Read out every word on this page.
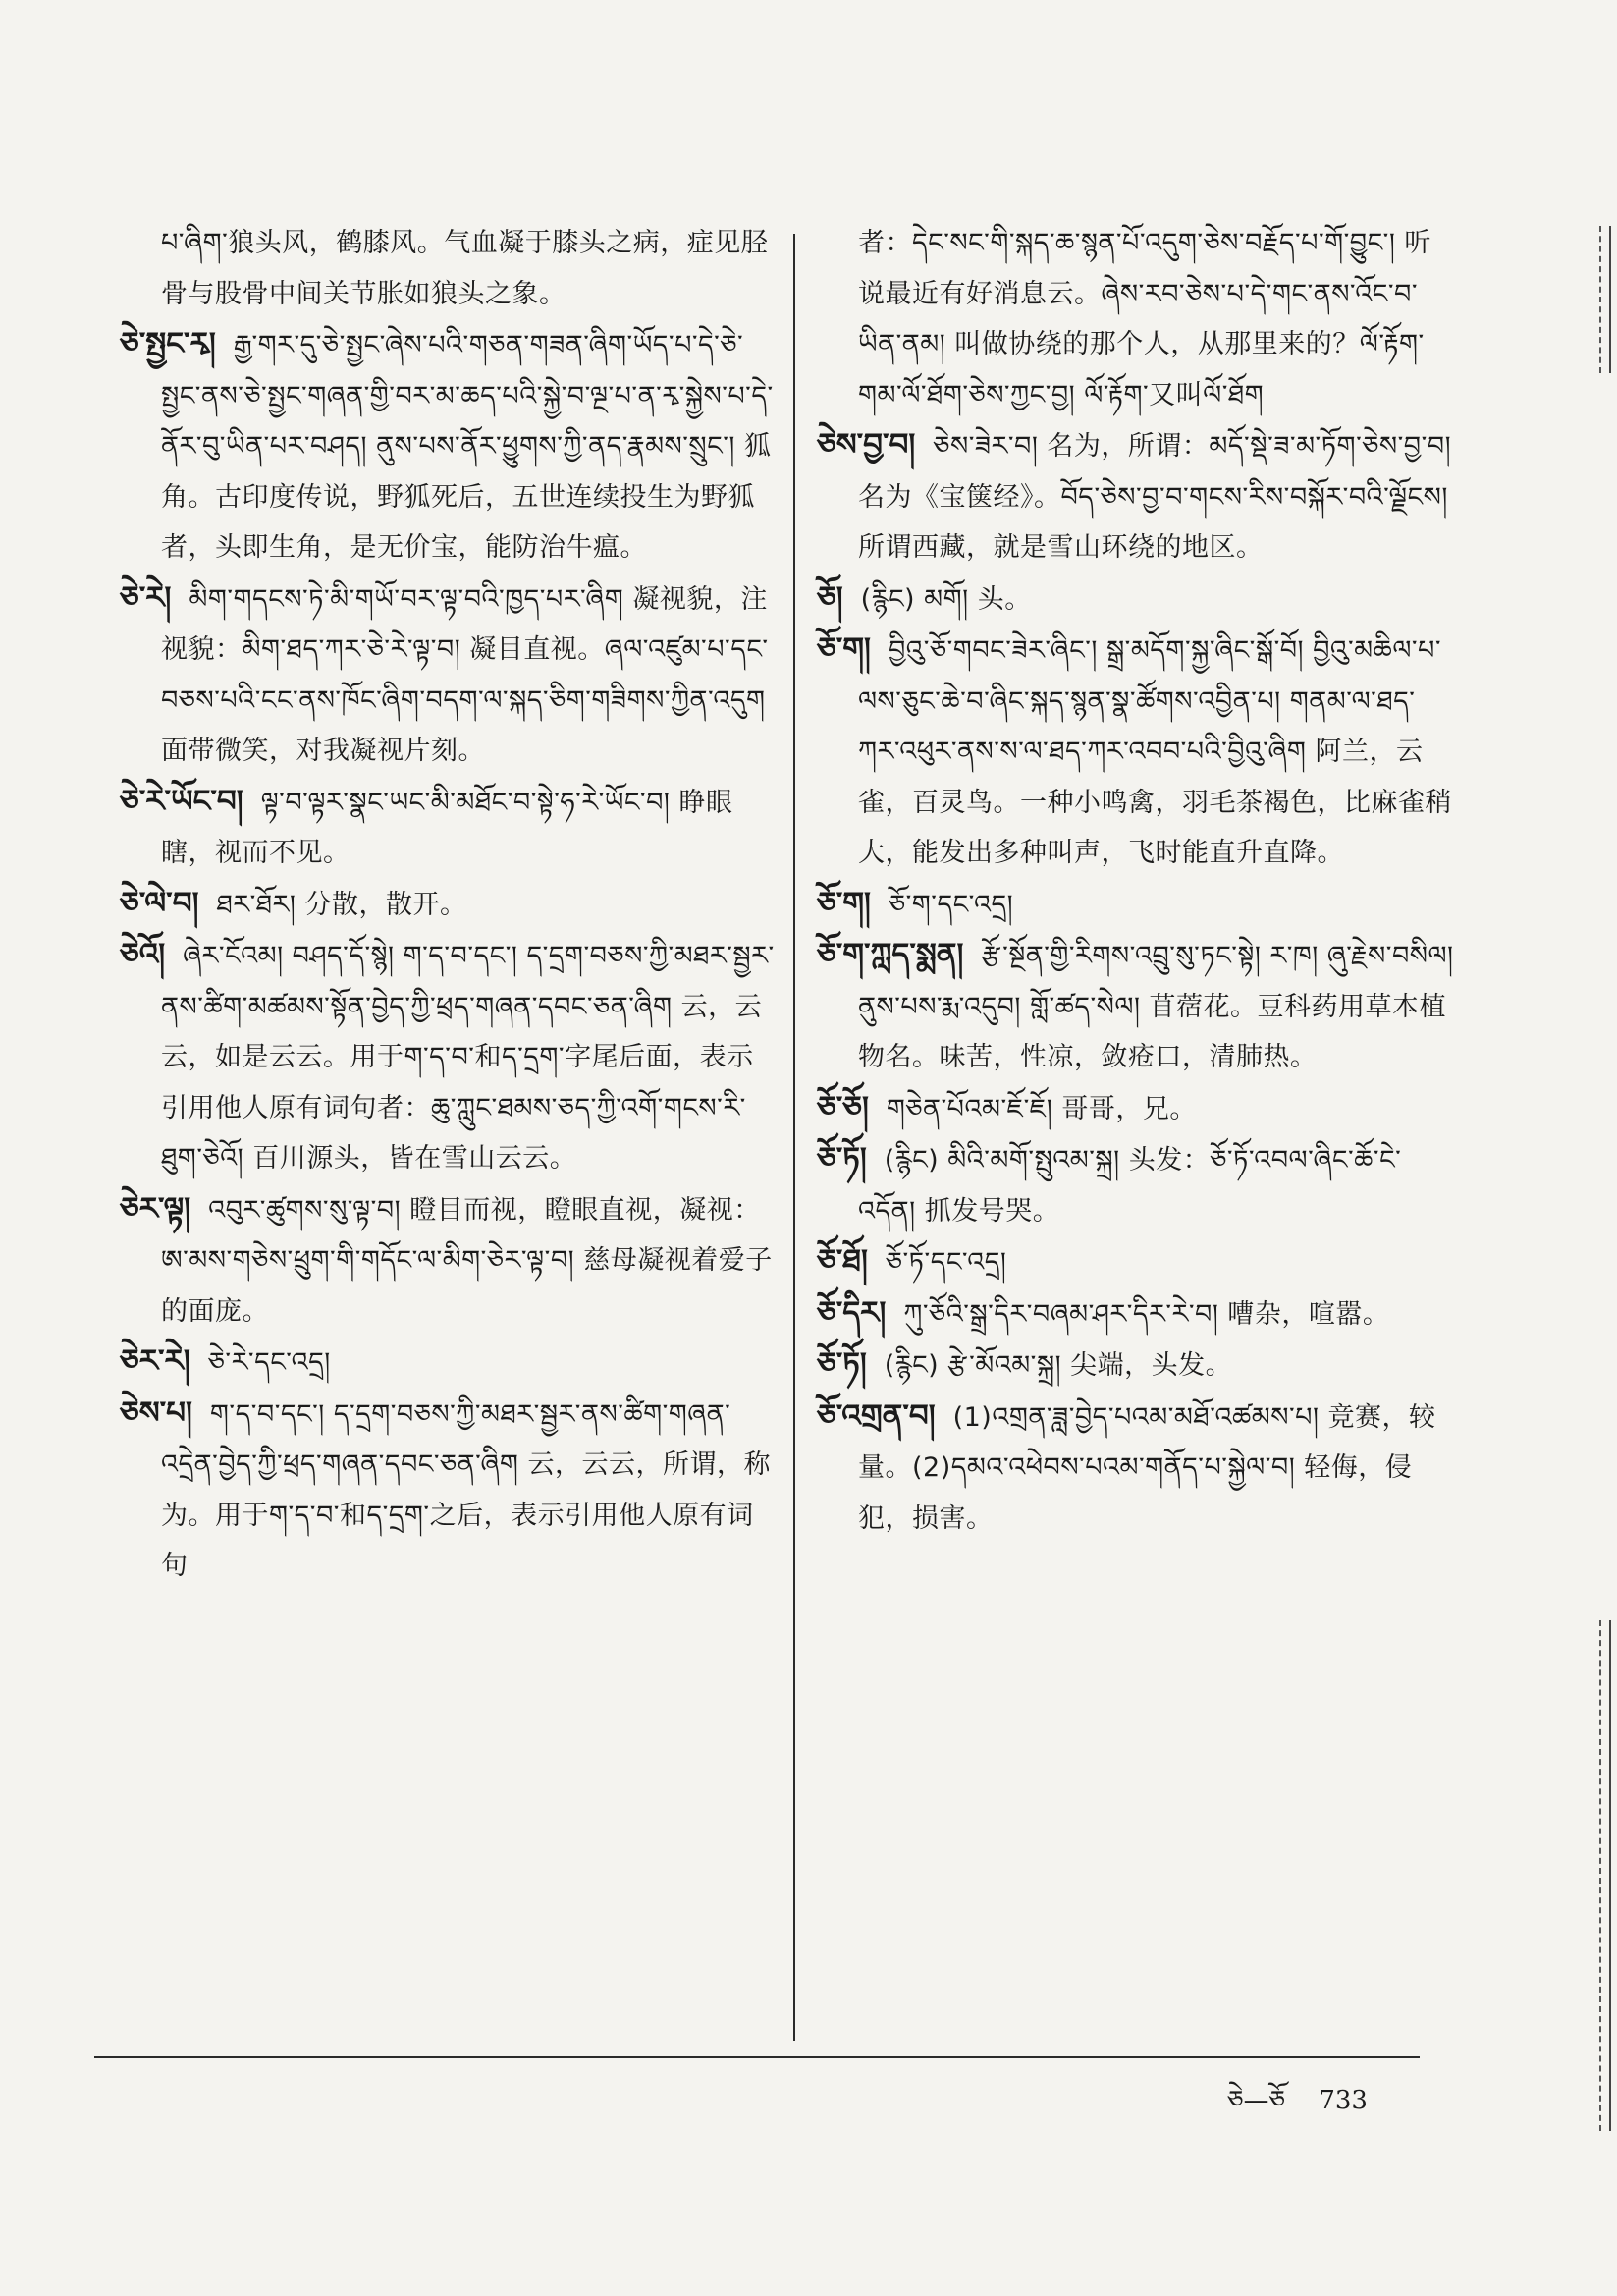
པ་ཞིག་狼头风，鹤膝风。气血凝于膝头之病，症见胫骨与股骨中间关节胀如狼头之象。

ཅེ་སྤྱང་རྭ། རྒྱ་གར་དུ་ཅེ་སྤྱང་ཞེས་པའི་གཅན་གཟན་ཞིག་ཡོད་པ་དེ་ཅེ་སྤྱང་ནས་ཅེ་སྤྱང་གཞན་གྱི་བར་མ་ཆད་པའི་སྐྱེ་བ་ལྔ་པ་ན་རྭ་སྐྱེས་པ་དེ་ནོར་བུ་ཡིན་པར་བཤད། ནུས་པས་ནོར་ཕྱུགས་ཀྱི་ནད་རྣམས་སྲུང་། 狐角。古印度传说，野狐死后，五世连续投生为野狐者，头即生角，是无价宝，能防治牛瘟。

ཅེ་རེ། མིག་གདངས་ཏེ་མི་གཡོ་བར་ལྟ་བའི་ཁྱད་པར་ཞིག 凝视貌，注视貌：མིག་ཐད་ཀར་ཅེ་རེ་ལྟ་བ། 凝目直视。ཞལ་འཛུམ་པ་དང་བཅས་པའི་ངང་ནས་ཁོང་ཞིག་བདག་ལ་སྐད་ཅིག་གཟིགས་ཀྱིན་འདུག 面带微笑，对我凝视片刻。

ཅེ་རེ་ཡོང་བ། ལྟ་བ་ལྟར་སྣང་ཡང་མི་མཐོང་བ་སྟེ་ཧ་རེ་ཡོང་བ། 睁眼瞎，视而不见。

ཅེ་ལེ་བ། ཐར་ཐོར། 分散，散开。

ཅེའོ། ཞེར་ངོའམ། བཤད་དོ་སྙེ། ག་ད་བ་དང་། ད་དྲག་བཅས་ཀྱི་མཐར་སྦྱར་ནས་ཚིག་མཚམས་སྟོན་བྱེད་ཀྱི་ཕྲད་གཞན་དབང་ཅན་ཞིག 云，云云，如是云云。用于ག་ད་བ་和ད་དྲག་字尾后面，表示引用他人原有词句者：ཆུ་ཀླུང་ཐམས་ཅད་ཀྱི་འགོ་གངས་རི་ཐུག་ཅེའོ། 百川源头，皆在雪山云云。

ཅེར་ལྟ། འབུར་ཚུགས་སུ་ལྟ་བ། 瞪目而视，瞪眼直视，凝视：ཨ་མས་གཅེས་ཕྲུག་གི་གདོང་ལ་མིག་ཅེར་ལྟ་བ། 慈母凝视着爱子的面庞。

ཅེར་རེ། ཅེ་རེ་དང་འདྲ།

ཅེས་པ། ག་ད་བ་དང་། ད་དྲག་བཅས་ཀྱི་མཐར་སྦྱར་ནས་ཚིག་གཞན་འདྲེན་བྱེད་ཀྱི་ཕྲད་གཞན་དབང་ཅན་ཞིག 云，云云，所谓，称为。用于ག་ད་བ་和ད་དྲག་之后，表示引用他人原有词句

者：དེང་སང་གི་སྐད་ཆ་སྙན་པོ་འདུག་ཅེས་བརྗོད་པ་གོ་བྱུང་། 听说最近有好消息云。ཞེས་རབ་ཅེས་པ་དེ་གང་ནས་འོང་བ་ཡིན་ནམ། 叫做协绕的那个人，从那里来的？ལོ་རྟོག་གམ་ལོ་ཐོག་ཅེས་ཀྱང་བྱ། ལོ་རྟོག་又叫ལོ་ཐོག

ཅེས་བྱ་བ། ཅེས་ཟེར་བ། 名为，所谓：མདོ་སྡེ་ཟ་མ་ཏོག་ཅེས་བྱ་བ། 名为《宝箧经》。བོད་ཅེས་བྱ་བ་གངས་རིས་བསྐོར་བའི་ལྗོངས། 所谓西藏，就是雪山环绕的地区。

ཅོ། (རྙིང) མགོ། 头。

ཅོ་ག། བྱིའུ་ཅོ་གབང་ཟེར་ཞིང་། སྒྲ་མདོག་སྐྱ་ཞིང་སྒོ་བོ། བྱིའུ་མཆིལ་པ་ལས་ཅུང་ཆེ་བ་ཞིང་སྐད་སྙན་སྣ་ཚོགས་འབྱིན་པ། གནམ་ལ་ཐད་ཀར་འཕུར་ནས་ས་ལ་ཐད་ཀར་འབབ་པའི་བྱིའུ་ཞིག 阿兰，云雀，百灵鸟。一种小鸣禽，羽毛茶褐色，比麻雀稍大，能发出多种叫声，飞时能直升直降。

ཅོ་ག། ཅོ་ག་དང་འདྲ།

ཅོ་ག་ཀླད་སྨན། རྩོ་སྔོན་གྱི་རིགས་འབྲུ་སུ་ཏང་སྟེ། ར་ཁ། ཞུ་རྗེས་བསིལ། ནུས་པས་རྨ་འདུབ། གློ་ཚད་སེལ། 苜蓿花。豆科药用草本植物名。味苦，性凉，敛疮口，清肺热。

ཅོ་ཅོ། གཅེན་པོའམ་ཇོ་ཇོ། 哥哥，兄。

ཅོ་ཏོ། (རྙིང) མིའི་མགོ་སྤུའམ་སྐྲ། 头发：ཅོ་ཏོ་འབལ་ཞིང་ཆོ་ངེ་འདོན། 抓发号哭。

ཅོ་ཐོ། ཅོ་ཏོ་དང་འདྲ།

ཅོ་དིར། ཀུ་ཅོའི་སྒྲ་དིར་བཞམ་ཤར་དིར་རེ་བ། 嘈杂，喧嚣。

ཅོ་ཏོ། (རྙིང) རྩེ་མོའམ་སྐྲ། 尖端，头发。

ཅོ་འགྲན་བ། (1)འགྲན་ཟླ་བྱེད་པའམ་མཐོ་འཚམས་པ། 竞赛，较量。(2)དམའ་འཕེབས་པའམ་གནོད་པ་སྐྱེལ་བ། 轻侮，侵犯，损害。

ཅེ—ཅོ 733
